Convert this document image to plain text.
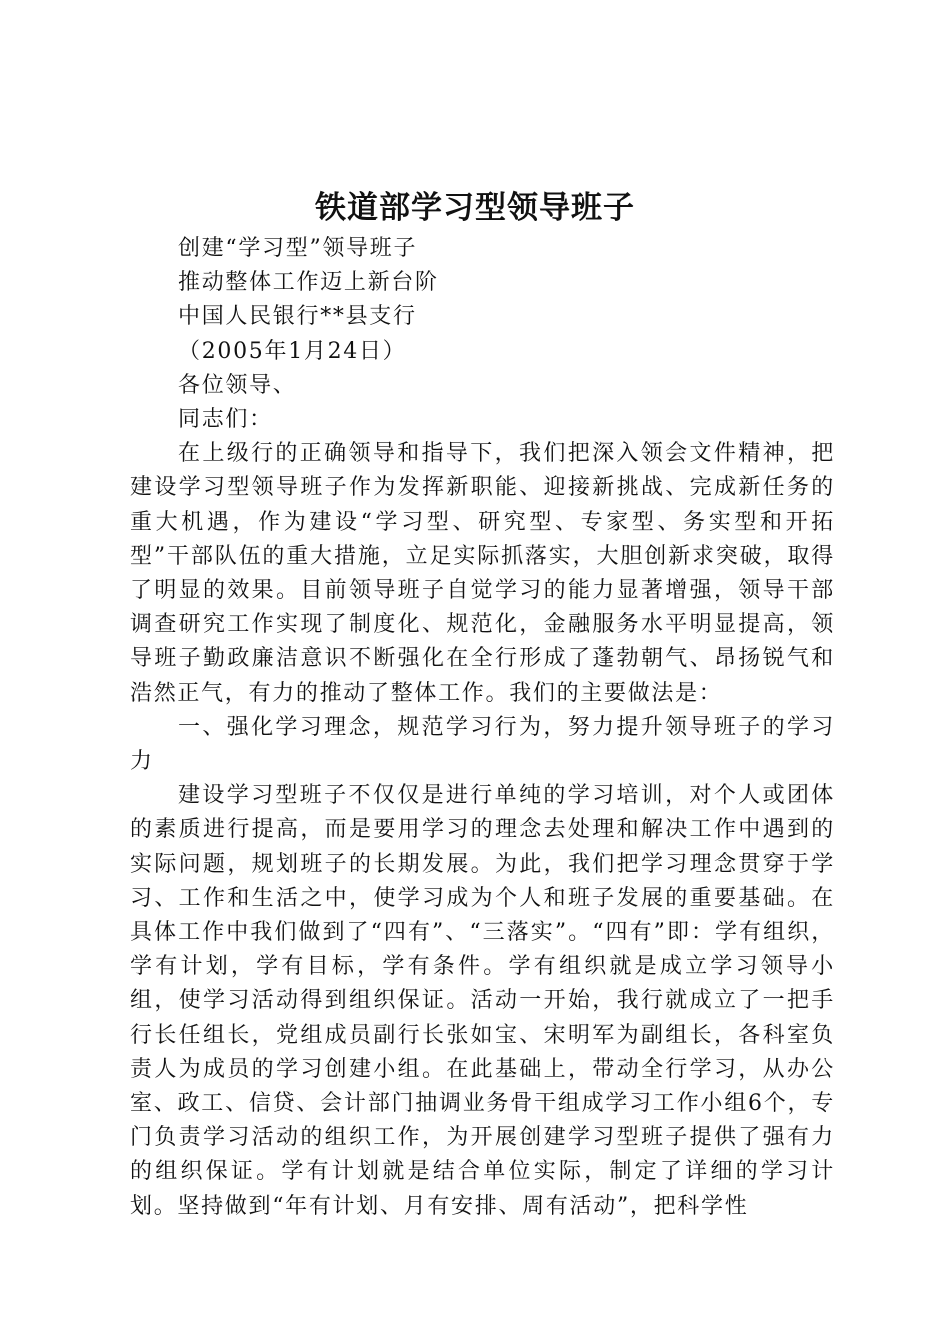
铁道部学习型领导班子
创建“学习型”领导班子
推动整体工作迈上新台阶
中国人民银行**县支行
（2005年1月24日）
各位领导、
同志们：

在上级行的正确领导和指导下，我们把深入领会文件精神，把建设学习型领导班子作为发挥新职能、迎接新挑战、完成新任务的重大机遇，作为建设“学习型、研究型、专家型、务实型和开拓型”干部队伍的重大措施，立足实际抓落实，大胆创新求突破，取得了明显的效果。目前领导班子自觉学习的能力显著增强，领导干部调查研究工作实现了制度化、规范化，金融服务水平明显提高，领导班子勤政廉洁意识不断强化在全行形成了蓬勃朝气、昂扬锐气和浩然正气，有力的推动了整体工作。我们的主要做法是：

一、强化学习理念，规范学习行为，努力提升领导班子的学习力

建设学习型班子不仅仅是进行单纯的学习培训，对个人或团体的素质进行提高，而是要用学习的理念去处理和解决工作中遇到的实际问题，规划班子的长期发展。为此，我们把学习理念贯穿于学习、工作和生活之中，使学习成为个人和班子发展的重要基础。在具体工作中我们做到了“四有”、“三落实”。“四有”即：学有组织，学有计划，学有目标，学有条件。学有组织就是成立学习领导小组，使学习活动得到组织保证。活动一开始，我行就成立了一把手行长任组长，党组成员副行长张如宝、宋明军为副组长，各科室负责人为成员的学习创建小组。在此基础上，带动全行学习，从办公室、政工、信贷、会计部门抽调业务骨干组成学习工作小组6个，专门负责学习活动的组织工作，为开展创建学习型班子提供了强有力的组织保证。学有计划就是结合单位实际，制定了详细的学习计划。坚持做到“年有计划、月有安排、周有活动”，把科学性
